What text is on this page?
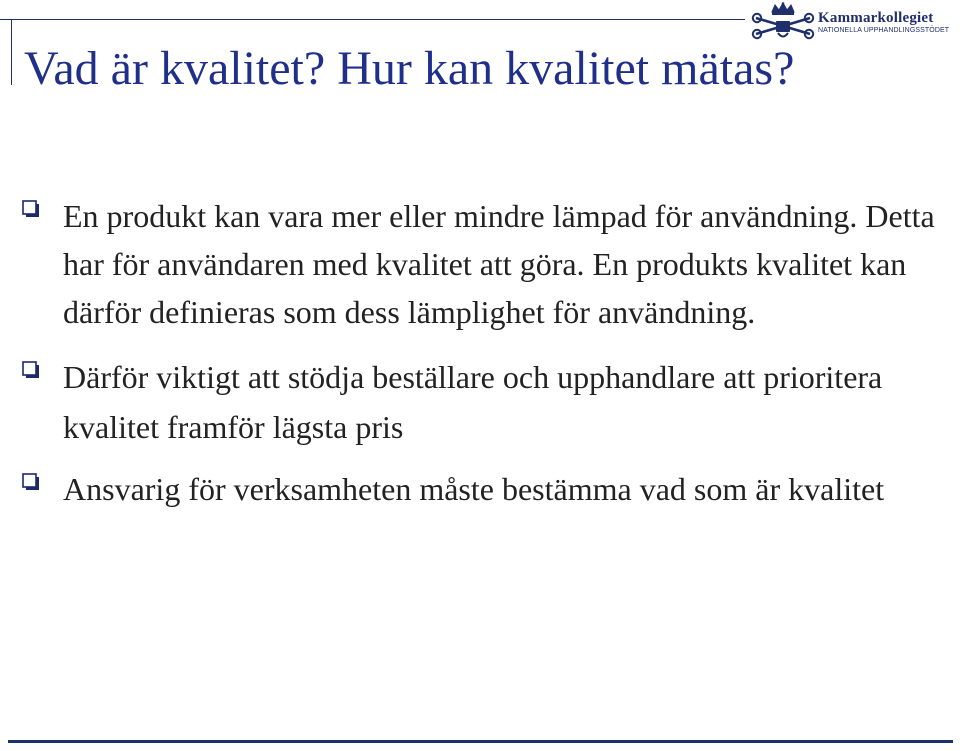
Kammarkollegiet
NATIONELLA UPPHANDLINGSSTÖDET
Vad är kvalitet? Hur kan kvalitet mätas?
En produkt kan vara mer eller mindre lämpad för användning. Detta har för användaren med kvalitet att göra. En produkts kvalitet kan därför definieras som dess lämplighet för användning.
Därför viktigt att stödja beställare och upphandlare att prioritera kvalitet framför lägsta pris
Ansvarig för verksamheten måste bestämma vad som är kvalitet
